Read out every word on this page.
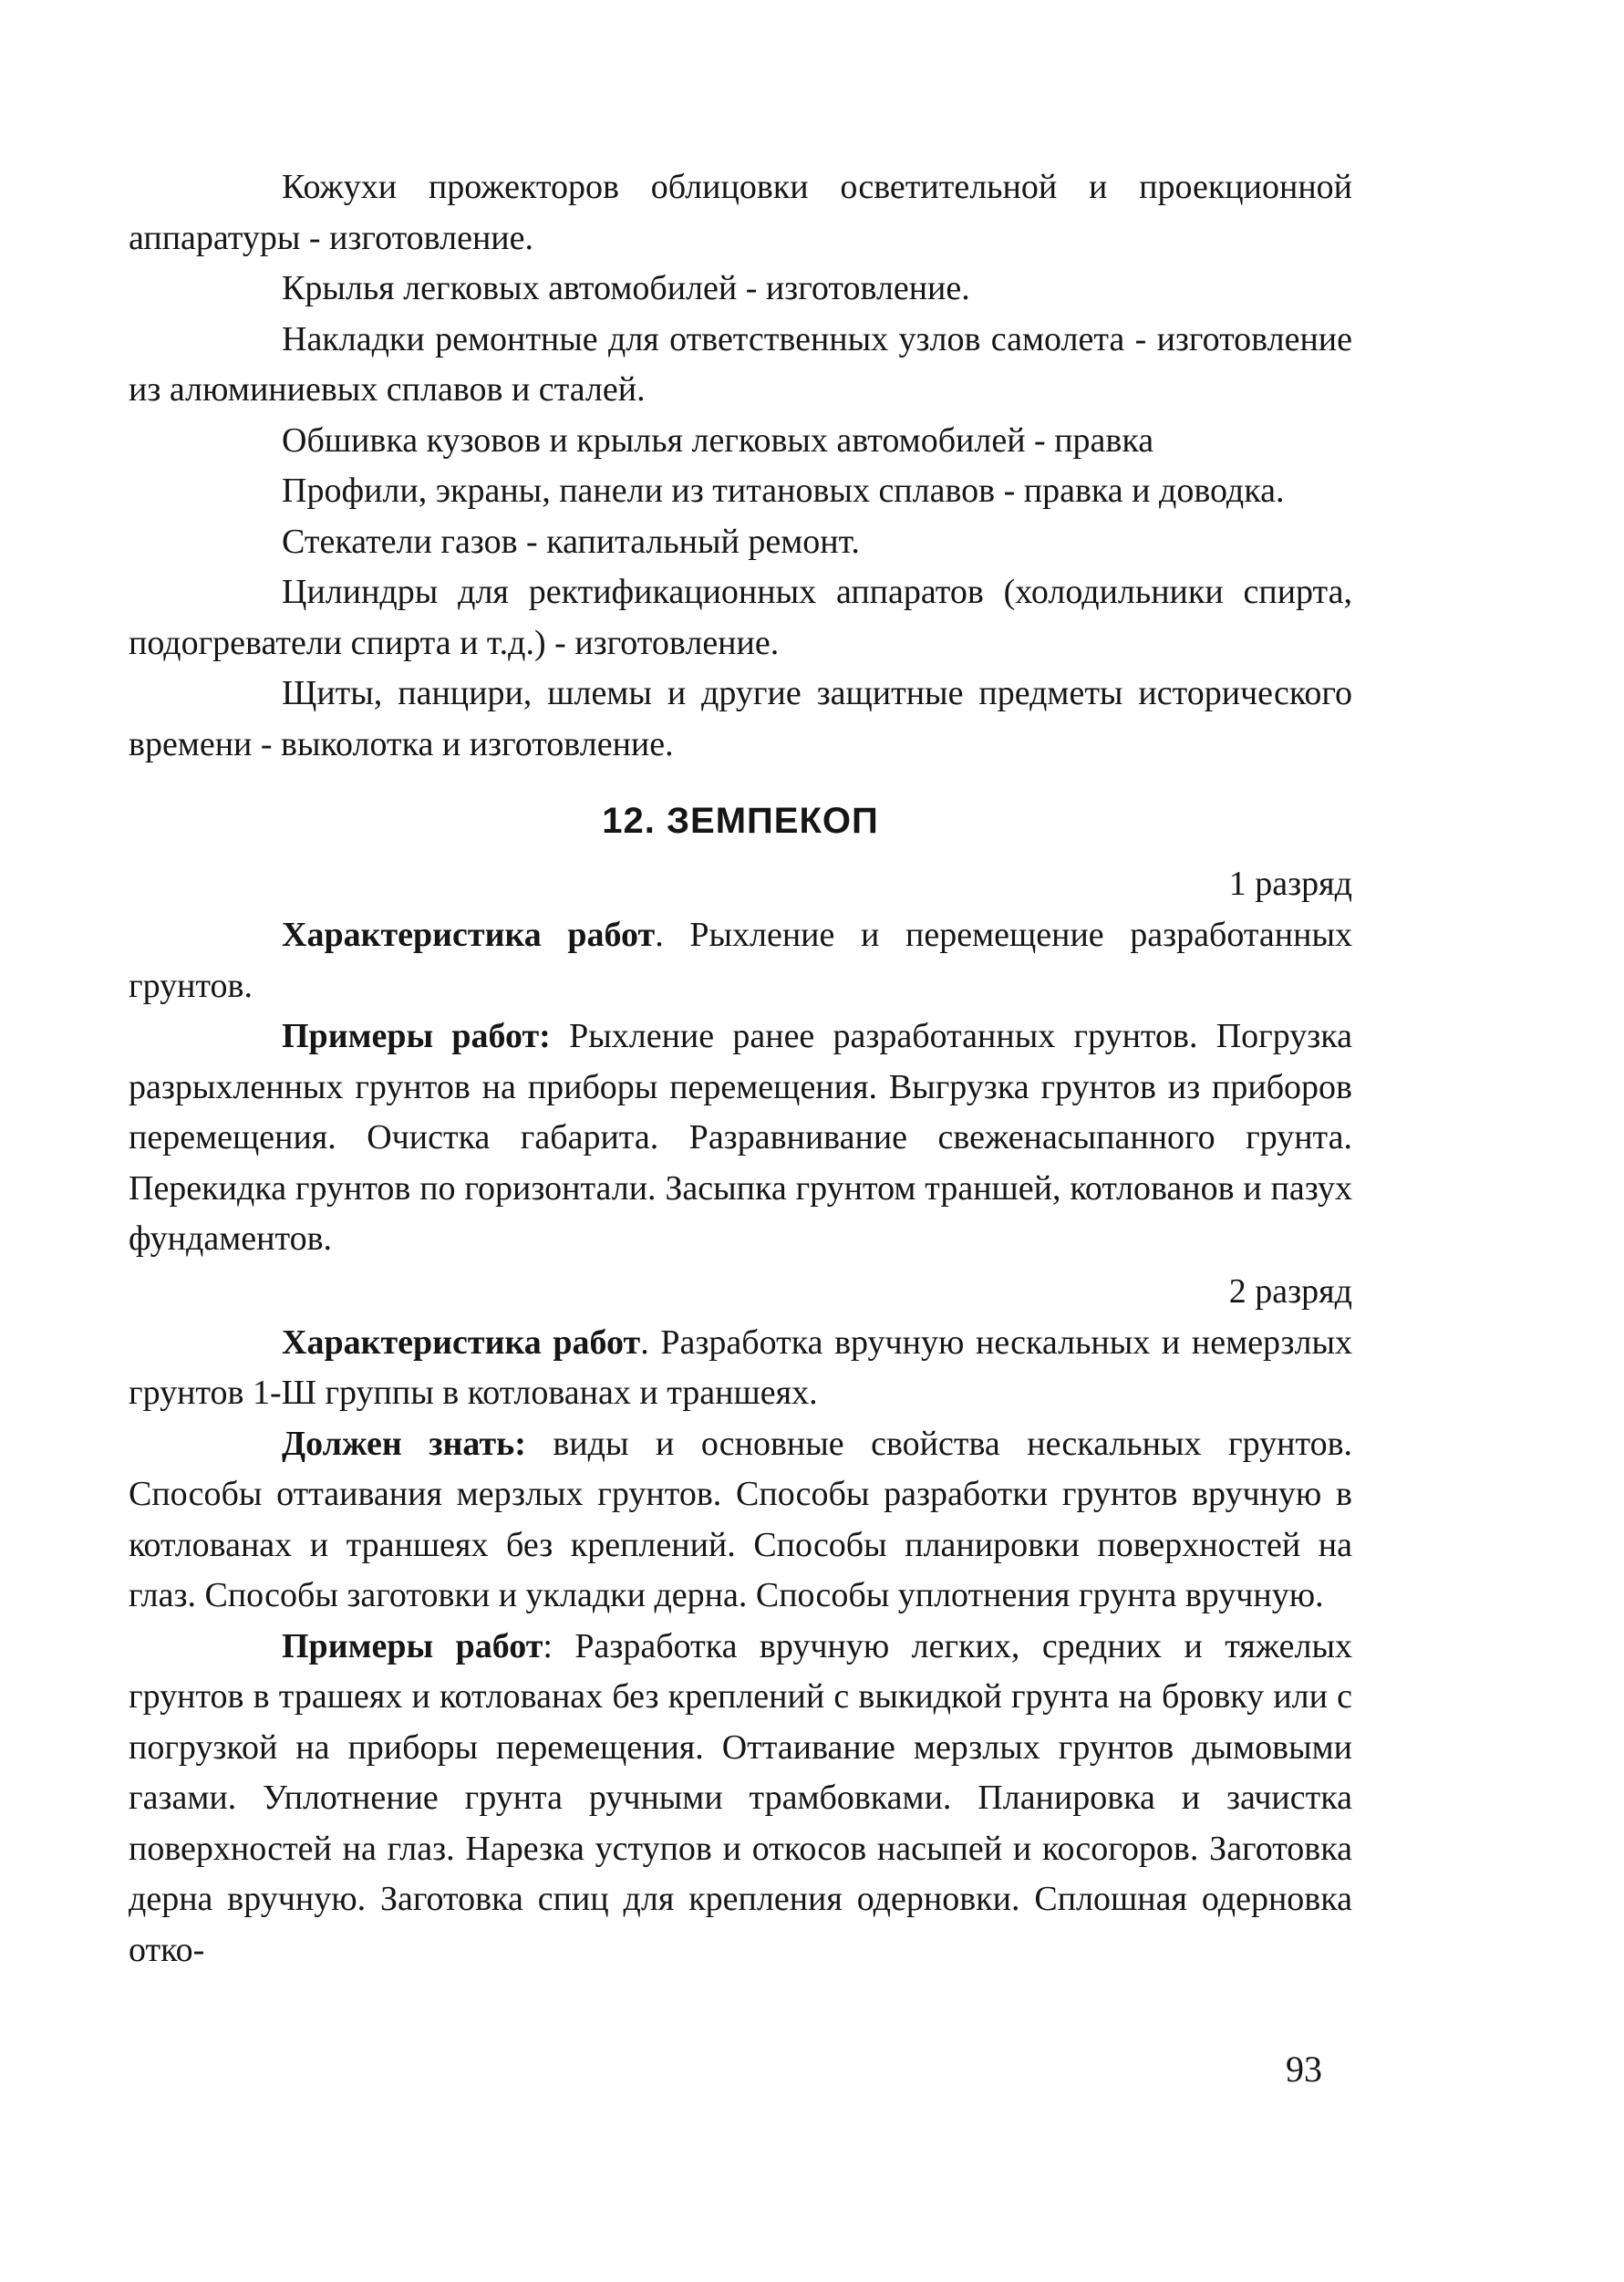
Кожухи прожекторов облицовки осветительной и проекционной аппаратуры - изготовление.

Крылья легковых автомобилей - изготовление.

Накладки ремонтные для ответственных узлов самолета - изготовление из алюминиевых сплавов и сталей.

Обшивка кузовов и крылья легковых автомобилей - правка

Профили, экраны, панели из титановых сплавов - правка и доводка.

Стекатели газов - капитальный ремонт.

Цилиндры для ректификационных аппаратов (холодильники спирта, подогреватели спирта и т.д.) - изготовление.

Щиты, панцири, шлемы и другие защитные предметы исторического времени - выколотка и изготовление.

12. ЗЕМПЕКОП

1 разряд

Характеристика работ. Рыхление и перемещение разработанных грунтов.

Примеры работ: Рыхление ранее разработанных грунтов. Погрузка разрыхленных грунтов на приборы перемещения. Выгрузка грунтов из приборов перемещения. Очистка габарита. Разравнивание свеженасыпанного грунта. Перекидка грунтов по горизонтали. Засыпка грунтом траншей, котлованов и пазух фундаментов.

2 разряд

Характеристика работ. Разработка вручную нескальных и немерзлых грунтов 1-Ш группы в котлованах и траншеях.

Должен знать: виды и основные свойства нескальных грунтов. Способы оттаивания мерзлых грунтов. Способы разработки грунтов вручную в котлованах и траншеях без креплений. Способы планировки поверхностей на глаз. Способы заготовки и укладки дерна. Способы уплотнения грунта вручную.

Примеры работ: Разработка вручную легких, средних и тяжелых грунтов в трашеях и котлованах без креплений с выкидкой грунта на бровку или с погрузкой на приборы перемещения. Оттаивание мерзлых грунтов дымовыми газами. Уплотнение грунта ручными трамбовками. Планировка и зачистка поверхностей на глаз. Нарезка уступов и откосов насыпей и косогоров. Заготовка дерна вручную. Заготовка спиц для крепления одерновки. Сплошная одерновка отко-

93
